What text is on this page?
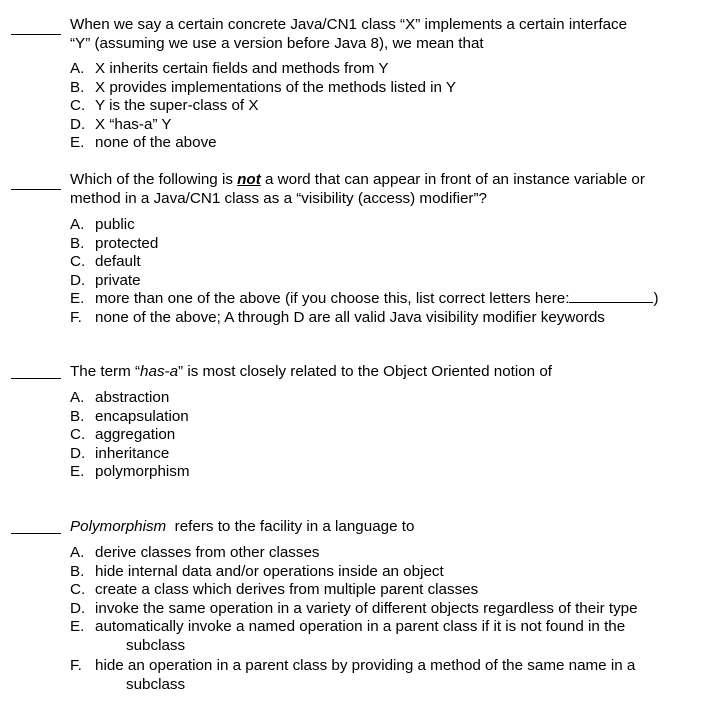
When we say a certain concrete Java/CN1 class “X” implements a certain interface
“Y” (assuming we use a version before Java 8), we mean that
A. X inherits certain fields and methods from Y
B. X provides implementations of the methods listed in Y
C. Y is the super-class of X
D. X “has-a” Y
E. none of the above
Which of the following is not a word that can appear in front of an instance variable or
method in a Java/CN1 class as a “visibility (access) modifier”?
A. public
B. protected
C. default
D. private
E. more than one of the above (if you choose this, list correct letters here:	)
F. none of the above; A through D are all valid Java visibility modifier keywords
The term “has-a” is most closely related to the Object Oriented notion of
A. abstraction
B. encapsulation
C. aggregation
D. inheritance
E. polymorphism
Polymorphism  refers to the facility in a language to
A. derive classes from other classes
B. hide internal data and/or operations inside an object
C. create a class which derives from multiple parent classes
D. invoke the same operation in a variety of different objects regardless of their type
E. automatically invoke a named operation in a parent class if it is not found in the
subclass
F. hide an operation in a parent class by providing a method of the same name in a
subclass
